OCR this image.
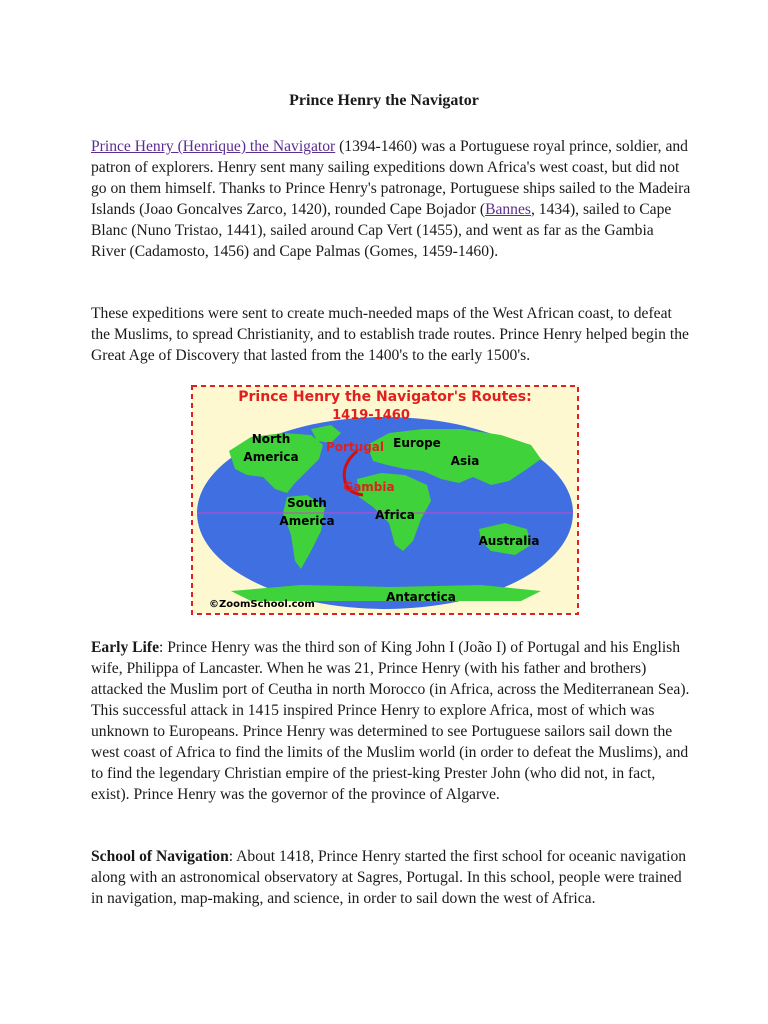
Prince Henry the Navigator

Prince Henry (Henrique) the Navigator (1394-1460) was a Portuguese royal prince, soldier, and patron of explorers. Henry sent many sailing expeditions down Africa's west coast, but did not go on them himself. Thanks to Prince Henry's patronage, Portuguese ships sailed to the Madeira Islands (Joao Goncalves Zarco, 1420), rounded Cape Bojador (Bannes, 1434), sailed to Cape Blanc (Nuno Tristao, 1441), sailed around Cap Vert (1455), and went as far as the Gambia River (Cadamosto, 1456) and Cape Palmas (Gomes, 1459-1460).

These expeditions were sent to create much-needed maps of the West African coast, to defeat the Muslims, to spread Christianity, and to establish trade routes. Prince Henry helped begin the Great Age of Discovery that lasted from the 1400's to the early 1500's.

Prince Henry the Navigator's Routes:
1419-1460
North
America
Portugal Europe
Asia
Gambia
South
America	Africa
Australia
Antarctica
©ZoomSchool.com

Early Life: Prince Henry was the third son of King John I (João I) of Portugal and his English wife, Philippa of Lancaster. When he was 21, Prince Henry (with his father and brothers) attacked the Muslim port of Ceutha in north Morocco (in Africa, across the Mediterranean Sea). This successful attack in 1415 inspired Prince Henry to explore Africa, most of which was unknown to Europeans. Prince Henry was determined to see Portuguese sailors sail down the west coast of Africa to find the limits of the Muslim world (in order to defeat the Muslims), and to find the legendary Christian empire of the priest-king Prester John (who did not, in fact, exist). Prince Henry was the governor of the province of Algarve.

School of Navigation: About 1418, Prince Henry started the first school for oceanic navigation along with an astronomical observatory at Sagres, Portugal. In this school, people were trained in navigation, map-making, and science, in order to sail down the west of Africa.
